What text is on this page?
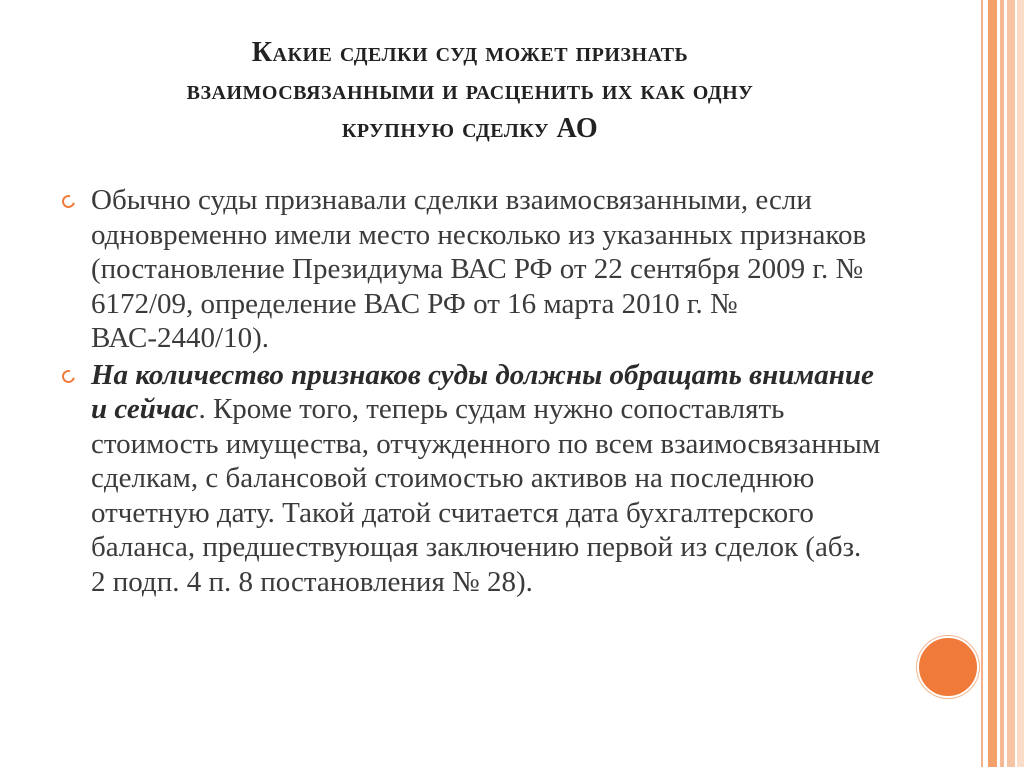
Какие сделки суд может признать
взаимосвязанными и расценить их как одну
крупную сделку АО
Обычно суды признавали сделки взаимосвязанными, если одновременно имели место несколько из указанных признаков (постановление Президиума ВАС РФ от 22 сентября 2009 г. № 6172/09, определение ВАС РФ от 16 марта 2010 г. № ВАС-2440/10).
На количество признаков суды должны обращать внимание и сейчас. Кроме того, теперь судам нужно сопоставлять стоимость имущества, отчужденного по всем взаимосвязанным сделкам, с балансовой стоимостью активов на последнюю отчетную дату. Такой датой считается дата бухгалтерского баланса, предшествующая заключению первой из сделок (абз. 2 подп. 4 п. 8 постановления № 28).
